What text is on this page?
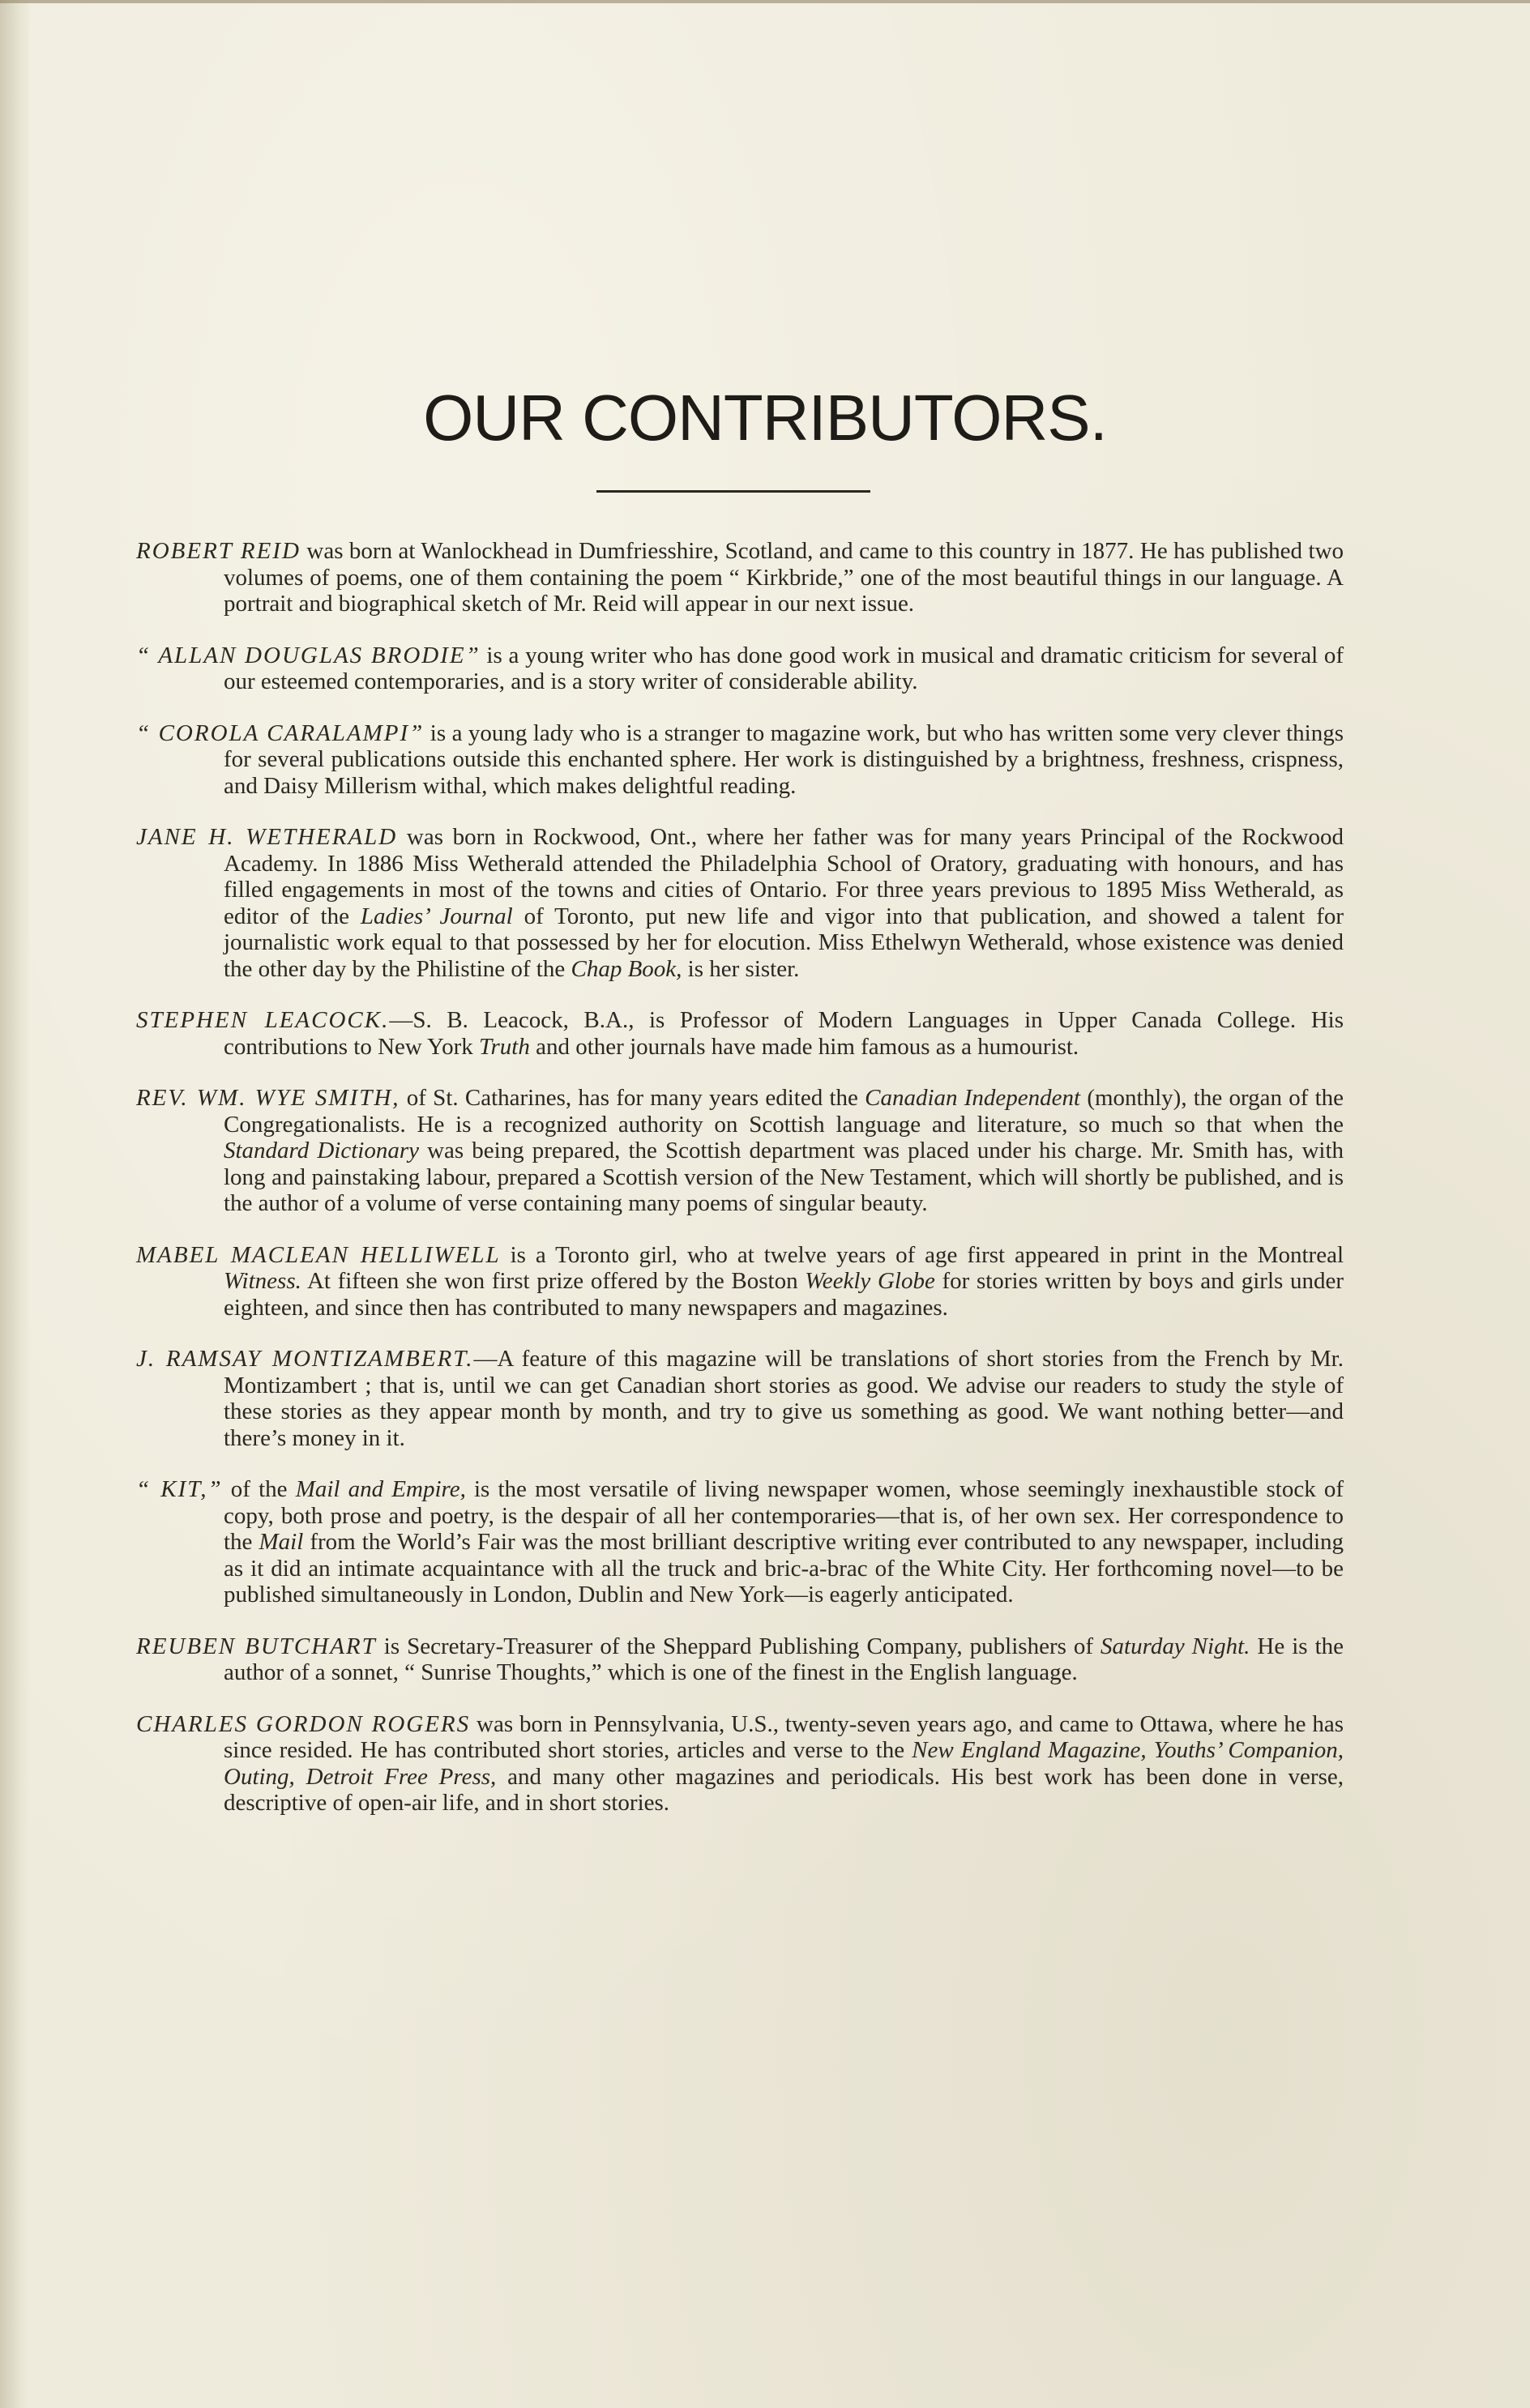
OUR CONTRIBUTORS.

ROBERT REID was born at Wanlockhead in Dumfriesshire, Scotland, and came to this country in 1877. He has published two volumes of poems, one of them containing the poem “ Kirkbride,” one of the most beautiful things in our language. A portrait and biographical sketch of Mr. Reid will appear in our next issue.

“ ALLAN DOUGLAS BRODIE” is a young writer who has done good work in musical and dramatic criticism for several of our esteemed contemporaries, and is a story writer of considerable ability.

“ COROLA CARALAMPI” is a young lady who is a stranger to magazine work, but who has written some very clever things for several publications outside this enchanted sphere. Her work is distinguished by a brightness, freshness, crispness, and Daisy Millerism withal, which makes delightful reading.

JANE H. WETHERALD was born in Rockwood, Ont., where her father was for many years Principal of the Rockwood Academy. In 1886 Miss Wetherald attended the Philadelphia School of Oratory, graduating with honours, and has filled engagements in most of the towns and cities of Ontario. For three years previous to 1895 Miss Wetherald, as editor of the Ladies’ Journal of Toronto, put new life and vigor into that publication, and showed a talent for journalistic work equal to that possessed by her for elocution. Miss Ethelwyn Wetherald, whose existence was denied the other day by the Philistine of the Chap Book, is her sister.

STEPHEN LEACOCK.—S. B. Leacock, B.A., is Professor of Modern Languages in Upper Canada College. His contributions to New York Truth and other journals have made him famous as a humourist.

REV. WM. WYE SMITH, of St. Catharines, has for many years edited the Canadian Independent (monthly), the organ of the Congregationalists. He is a recognized authority on Scottish language and literature, so much so that when the Standard Dictionary was being prepared, the Scottish department was placed under his charge. Mr. Smith has, with long and painstaking labour, prepared a Scottish version of the New Testament, which will shortly be published, and is the author of a volume of verse containing many poems of singular beauty.

MABEL MACLEAN HELLIWELL is a Toronto girl, who at twelve years of age first appeared in print in the Montreal Witness. At fifteen she won first prize offered by the Boston Weekly Globe for stories written by boys and girls under eighteen, and since then has contributed to many newspapers and magazines.

J. RAMSAY MONTIZAMBERT.—A feature of this magazine will be translations of short stories from the French by Mr. Montizambert ; that is, until we can get Canadian short stories as good. We advise our readers to study the style of these stories as they appear month by month, and try to give us something as good. We want nothing better—and there’s money in it.

“ KIT,” of the Mail and Empire, is the most versatile of living newspaper women, whose seemingly inexhaustible stock of copy, both prose and poetry, is the despair of all her contemporaries—that is, of her own sex. Her correspondence to the Mail from the World’s Fair was the most brilliant descriptive writing ever contributed to any newspaper, including as it did an intimate acquaintance with all the truck and bric-a-brac of the White City. Her forthcoming novel—to be published simultaneously in London, Dublin and New York—is eagerly anticipated.

REUBEN BUTCHART is Secretary-Treasurer of the Sheppard Publishing Company, publishers of Saturday Night. He is the author of a sonnet, “ Sunrise Thoughts,” which is one of the finest in the English language.

CHARLES GORDON ROGERS was born in Pennsylvania, U.S., twenty-seven years ago, and came to Ottawa, where he has since resided. He has contributed short stories, articles and verse to the New England Magazine, Youths’ Companion, Outing, Detroit Free Press, and many other magazines and periodicals. His best work has been done in verse, descriptive of open-air life, and in short stories.
